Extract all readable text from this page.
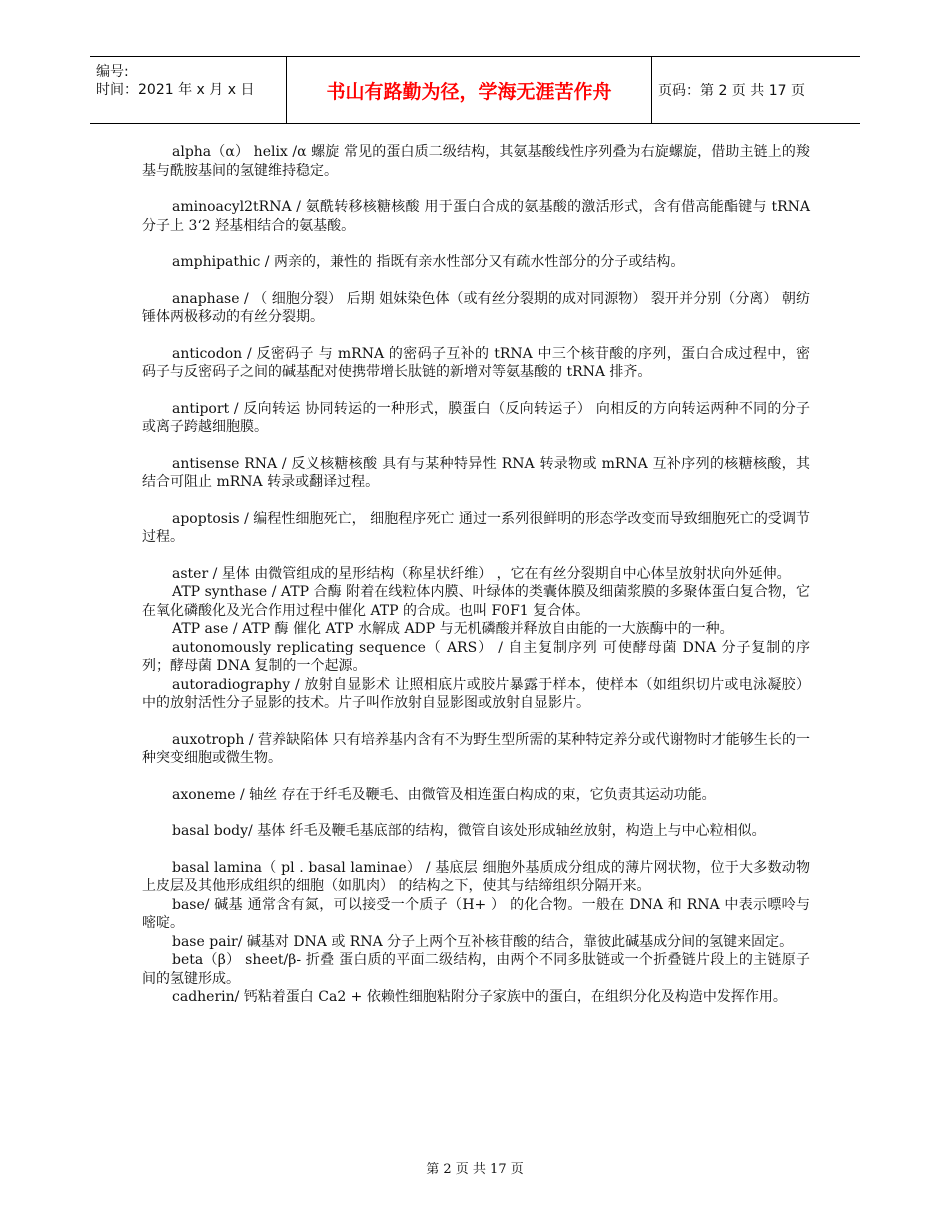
编号:
时间：2021 年 x 月 x 日	书山有路勤为径，学海无涯苦作舟	页码：第 2 页 共 17 页

alpha（α） helix /α 螺旋 常见的蛋白质二级结构，其氨基酸线性序列叠为右旋螺旋，借助主链上的羧基与酰胺基间的氢键维持稳定。

aminoacyl2tRNA / 氨酰转移核糖核酸 用于蛋白合成的氨基酸的激活形式，含有借高能酯键与 tRNA 分子上 3‘2 羟基相结合的氨基酸。

amphipathic / 两亲的，兼性的 指既有亲水性部分又有疏水性部分的分子或结构。

anaphase / （ 细胞分裂） 后期 姐妹染色体（或有丝分裂期的成对同源物） 裂开并分别（分离） 朝纺锤体两极移动的有丝分裂期。

anticodon / 反密码子 与 mRNA 的密码子互补的 tRNA 中三个核苷酸的序列，蛋白合成过程中，密码子与反密码子之间的碱基配对使携带增长肽链的新增对等氨基酸的 tRNA 排齐。

antiport / 反向转运 协同转运的一种形式，膜蛋白（反向转运子） 向相反的方向转运两种不同的分子或离子跨越细胞膜。

antisense RNA / 反义核糖核酸 具有与某种特异性 RNA 转录物或 mRNA 互补序列的核糖核酸，其结合可阻止 mRNA 转录或翻译过程。

apoptosis / 编程性细胞死亡， 细胞程序死亡 通过一系列很鲜明的形态学改变而导致细胞死亡的受调节过程。

aster / 星体 由微管组成的星形结构（称星状纤维） ，它在有丝分裂期自中心体呈放射状向外延伸。

ATP synthase / ATP 合酶 附着在线粒体内膜、叶绿体的类囊体膜及细菌浆膜的多聚体蛋白复合物，它在氧化磷酸化及光合作用过程中催化 ATP 的合成。也叫 F0F1 复合体。

ATP ase / ATP 酶 催化 ATP 水解成 ADP 与无机磷酸并释放自由能的一大族酶中的一种。

autonomously replicating sequence（ ARS） / 自主复制序列 可使酵母菌 DNA 分子复制的序列；酵母菌 DNA 复制的一个起源。

autoradiography / 放射自显影术 让照相底片或胶片暴露于样本，使样本（如组织切片或电泳凝胶） 中的放射活性分子显影的技术。片子叫作放射自显影图或放射自显影片。

auxotroph / 营养缺陷体 只有培养基内含有不为野生型所需的某种特定养分或代谢物时才能够生长的一种突变细胞或微生物。

axoneme / 轴丝 存在于纤毛及鞭毛、由微管及相连蛋白构成的束，它负责其运动功能。

basal body/ 基体 纤毛及鞭毛基底部的结构，微管自该处形成轴丝放射，构造上与中心粒相似。

basal lamina（ pl . basal laminae） / 基底层 细胞外基质成分组成的薄片网状物，位于大多数动物上皮层及其他形成组织的细胞（如肌肉） 的结构之下，使其与结缔组织分隔开来。

base/ 碱基 通常含有氮，可以接受一个质子（H+ ） 的化合物。一般在 DNA 和 RNA 中表示嘌呤与嘧啶。

base pair/ 碱基对 DNA 或 RNA 分子上两个互补核苷酸的结合，靠彼此碱基成分间的氢键来固定。

beta（β） sheet/β- 折叠 蛋白质的平面二级结构，由两个不同多肽链或一个折叠链片段上的主链原子间的氢键形成。

cadherin/ 钙粘着蛋白 Ca2 + 依赖性细胞粘附分子家族中的蛋白，在组织分化及构造中发挥作用。

第 2 页 共 17 页
